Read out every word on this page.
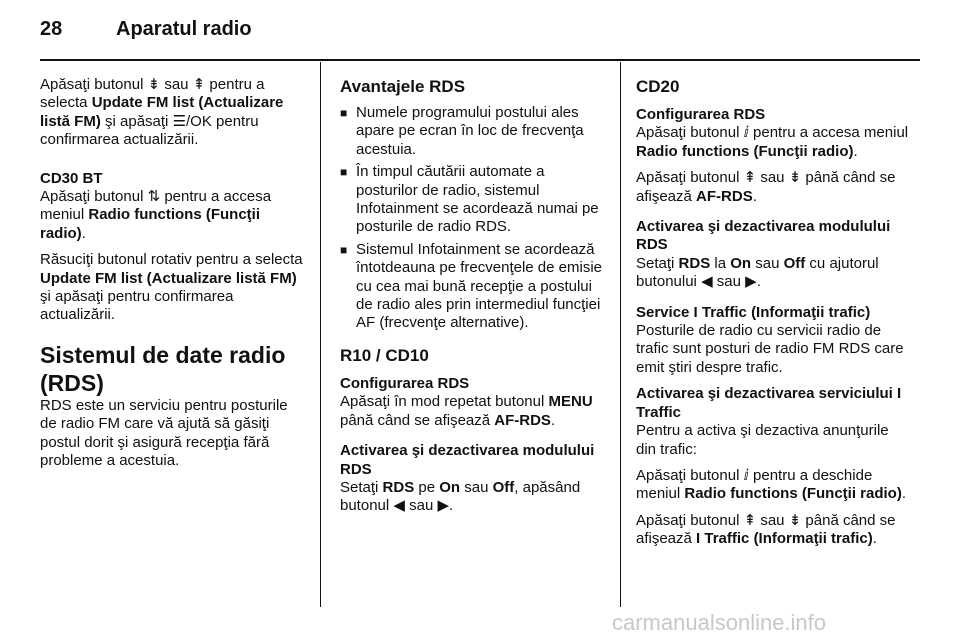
28	Aparatul radio

Apăsaţi butonul ⇟ sau ⇞ pentru a selecta Update FM list (Actualizare listă FM) şi apăsaţi ☰/OK pentru confirmarea actualizării.

CD30 BT

Apăsaţi butonul ⇅ pentru a accesa meniul Radio functions (Funcţii radio).

Răsuciţi butonul rotativ pentru a selecta Update FM list (Actualizare listă FM) şi apăsaţi pentru confirmarea actualizării.

Sistemul de date radio (RDS)

RDS este un serviciu pentru posturile de radio FM care vă ajută să găsiţi postul dorit şi asigură recepţia fără probleme a acestuia.

Avantajele RDS

■ Numele programului postului ales apare pe ecran în loc de frecvenţa acestuia.
■ În timpul căutării automate a posturilor de radio, sistemul Infotainment se acordează numai pe posturile de radio RDS.
■ Sistemul Infotainment se acordează întotdeauna pe frecvenţele de emisie cu cea mai bună recepţie a postului de radio ales prin intermediul funcţiei AF (frecvenţe alternative).

R10 / CD10

Configurarea RDS

Apăsaţi în mod repetat butonul MENU până când se afişează AF-RDS.

Activarea şi dezactivarea modulului RDS

Setaţi RDS pe On sau Off, apăsând butonul ◀ sau ▶.

CD20

Configurarea RDS

Apăsaţi butonul ⅈ pentru a accesa meniul Radio functions (Funcţii radio).

Apăsaţi butonul ⇞ sau ⇟ până când se afişează AF-RDS.

Activarea şi dezactivarea modulului RDS

Setaţi RDS la On sau Off cu ajutorul butonului ◀ sau ▶.

Service I Traffic (Informaţii trafic)

Posturile de radio cu servicii radio de trafic sunt posturi de radio FM RDS care emit ştiri despre trafic.

Activarea şi dezactivarea serviciului I Traffic

Pentru a activa şi dezactiva anunţurile din trafic:

Apăsaţi butonul ⅈ pentru a deschide meniul Radio functions (Funcţii radio).

Apăsaţi butonul ⇞ sau ⇟ până când se afişează I Traffic (Informaţii trafic).

carmanualsonline.info
